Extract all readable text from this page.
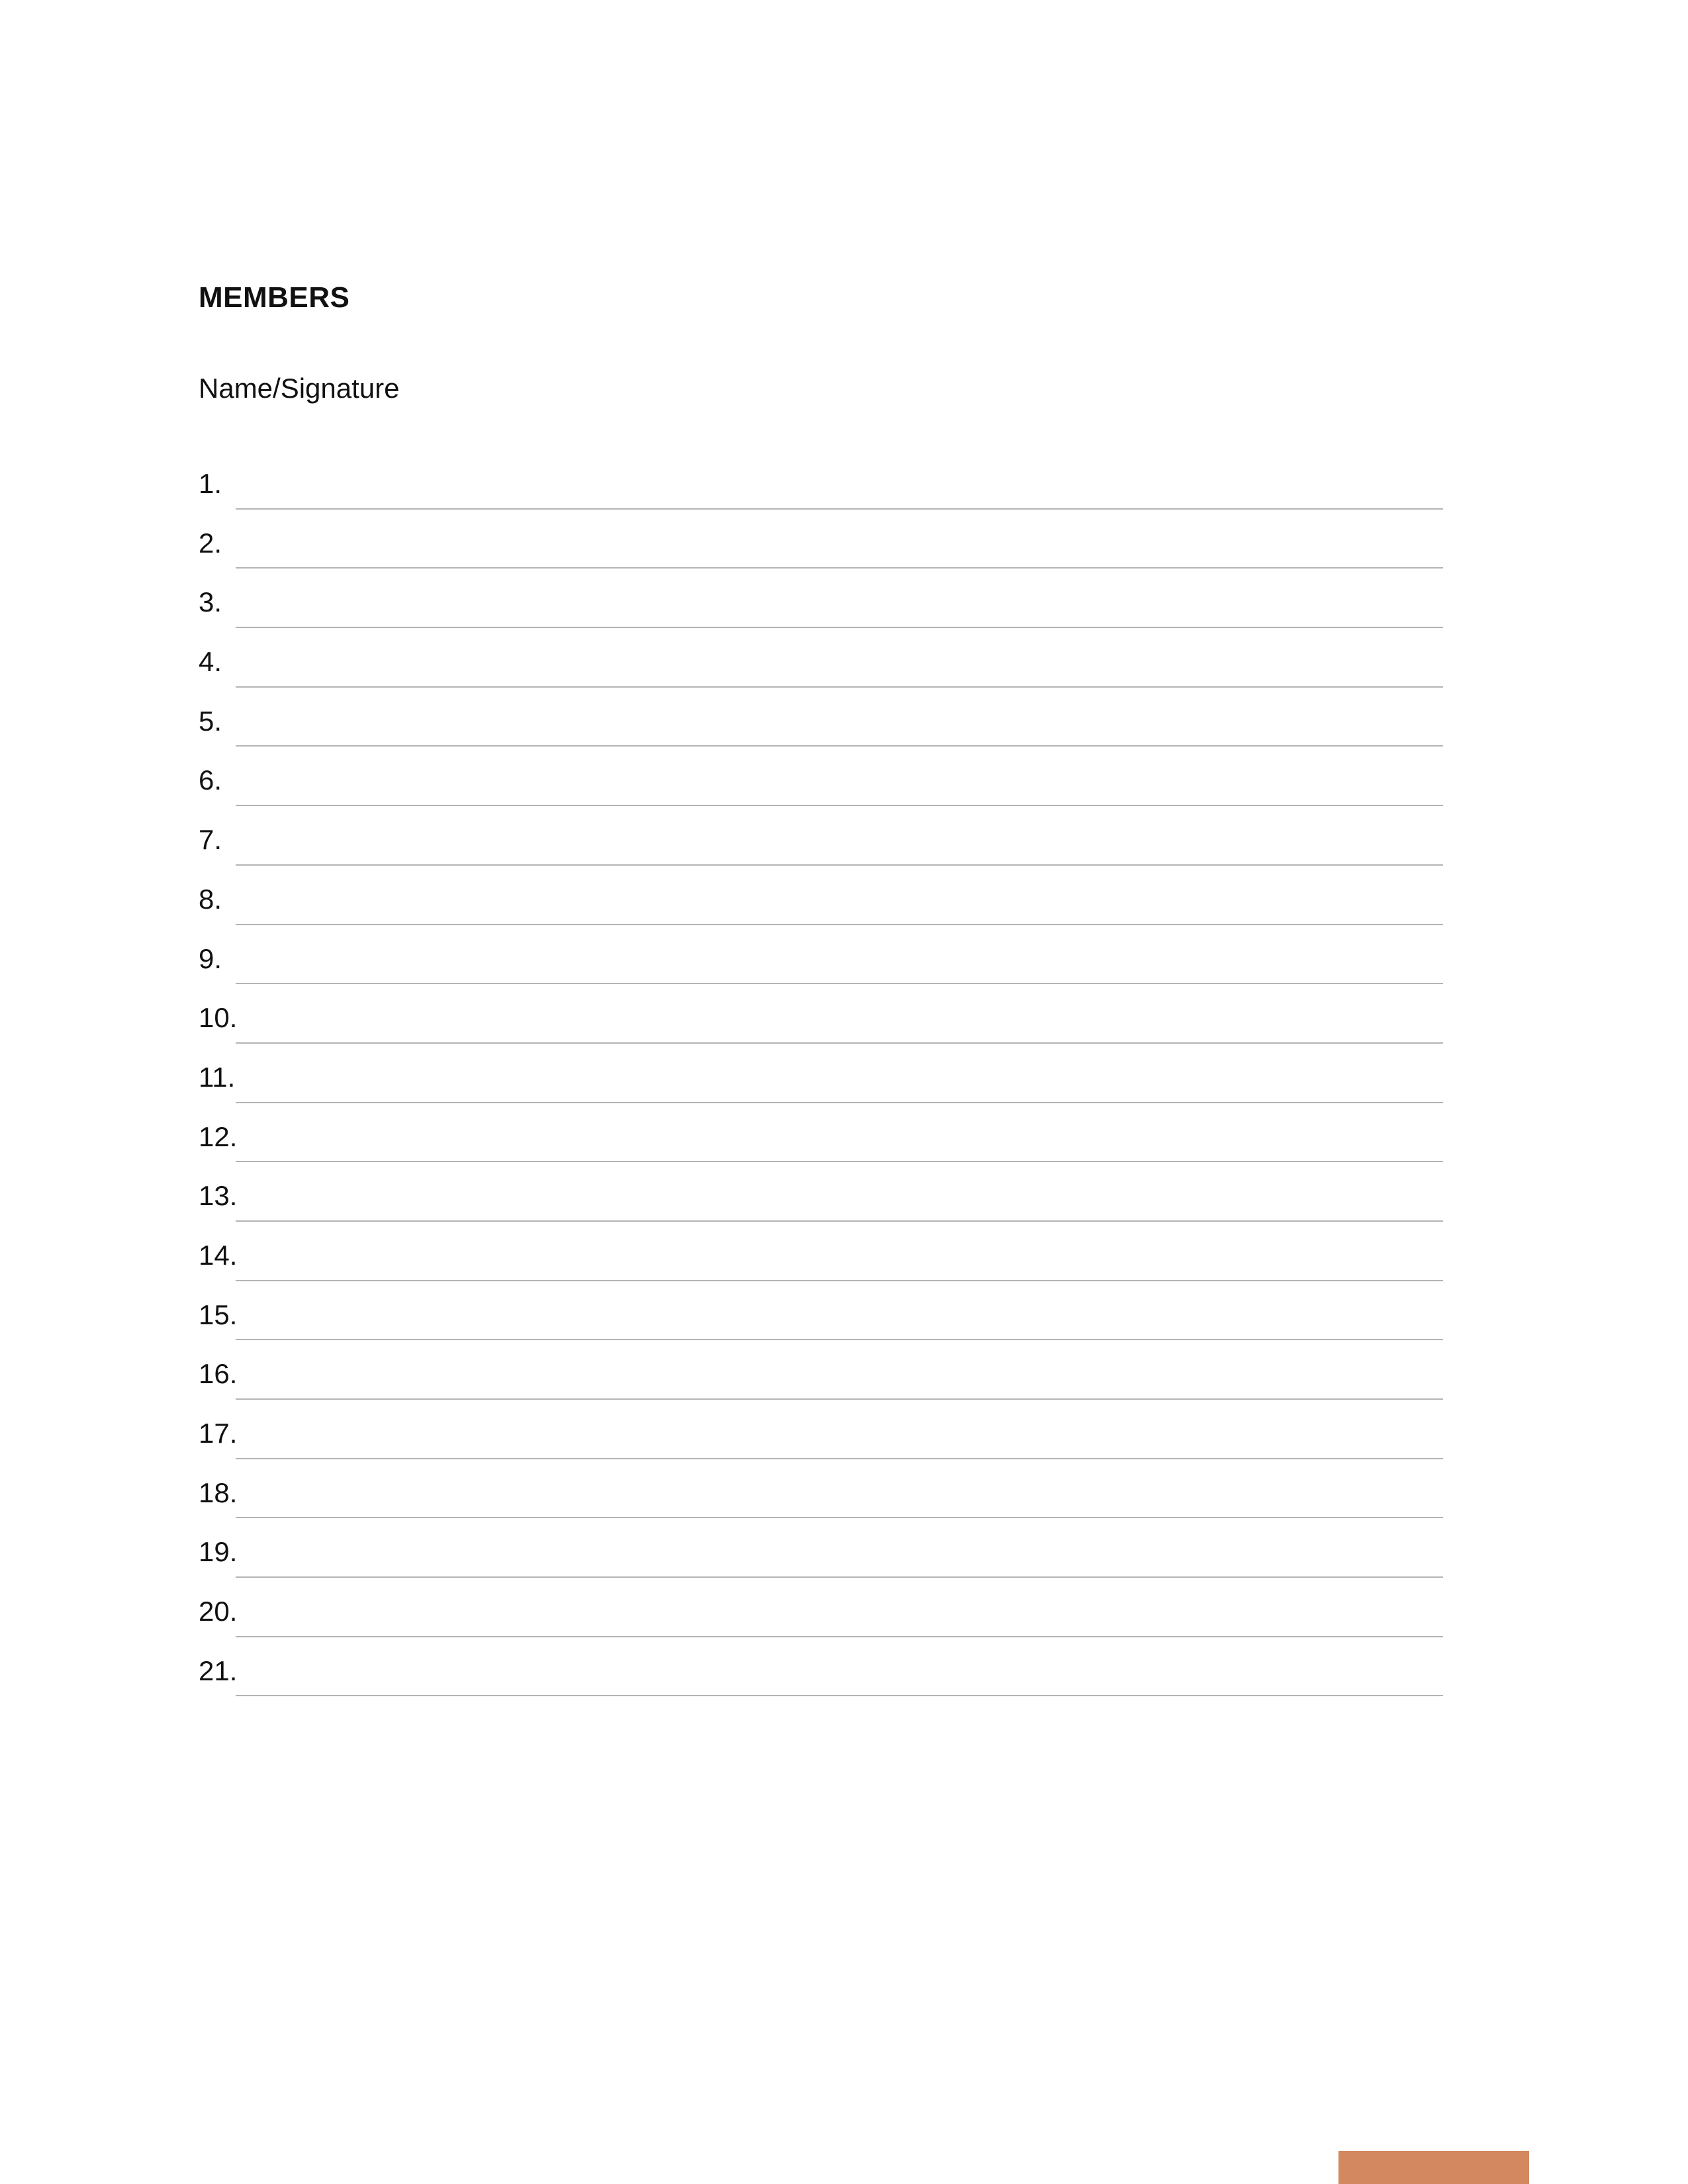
MEMBERS

Name/Signature

1.
2.
3.
4.
5.
6.
7.
8.
9.
10.
11.
12.
13.
14.
15.
16.
17.
18.
19.
20.
21.
